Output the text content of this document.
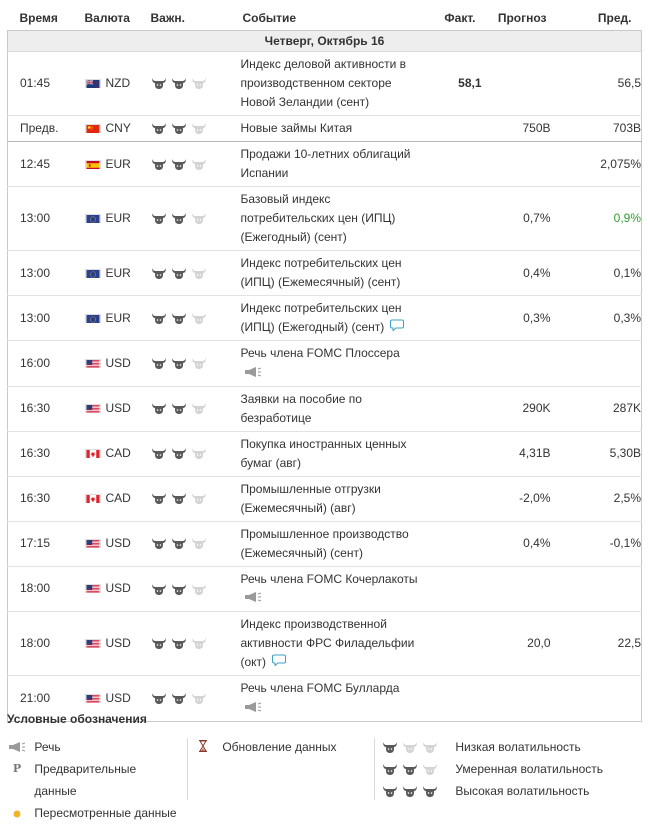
Время	Валюта	Важн.	Событие	Факт.	Прогноз	Пред.
Четверг, Октябрь 16						
01:45	NZD		Индекс деловой активности в
производственном секторе
Новой Зеландии (сент)	58,1		56,5
Предв.	CNY		Новые займы Китая		750B	703B
12:45	EUR		Продажи 10-летних облигаций
Испании			2,075%
13:00	EUR		Базовый индекс
потребительских цен (ИПЦ)
(Ежегодный) (сент)		0,7%	0,9%
13:00	EUR		Индекс потребительских цен
(ИПЦ) (Ежемесячный) (сент)		0,4%	0,1%
13:00	EUR		Индекс потребительских цен
(ИПЦ) (Ежегодный) (сент)		0,3%	0,3%
16:00	USD		Речь члена FOMC Плоссера

16:30	USD		Заявки на пособие по
безработице		290K	287K
16:30	CAD		Покупка иностранных ценных
бумаг (авг)		4,31B	5,30B
16:30	CAD		Промышленные отгрузки
(Ежемесячный) (авг)		-2,0%	2,5%
17:15	USD		Промышленное производство
(Ежемесячный) (сент)		0,4%	-0,1%
18:00	USD		Речь члена FOMC Кочерлакоты

18:00	USD		Индекс производственной
активности ФРС Филадельфии
(окт)		20,0	22,5
21:00	USD		Речь члена FOMC Булларда

Условные обозначения
Речь
P Предварительные
данные
Пересмотренные данные
Обновление данных	Низкая волатильность
Умеренная волатильность
Высокая волатильность
